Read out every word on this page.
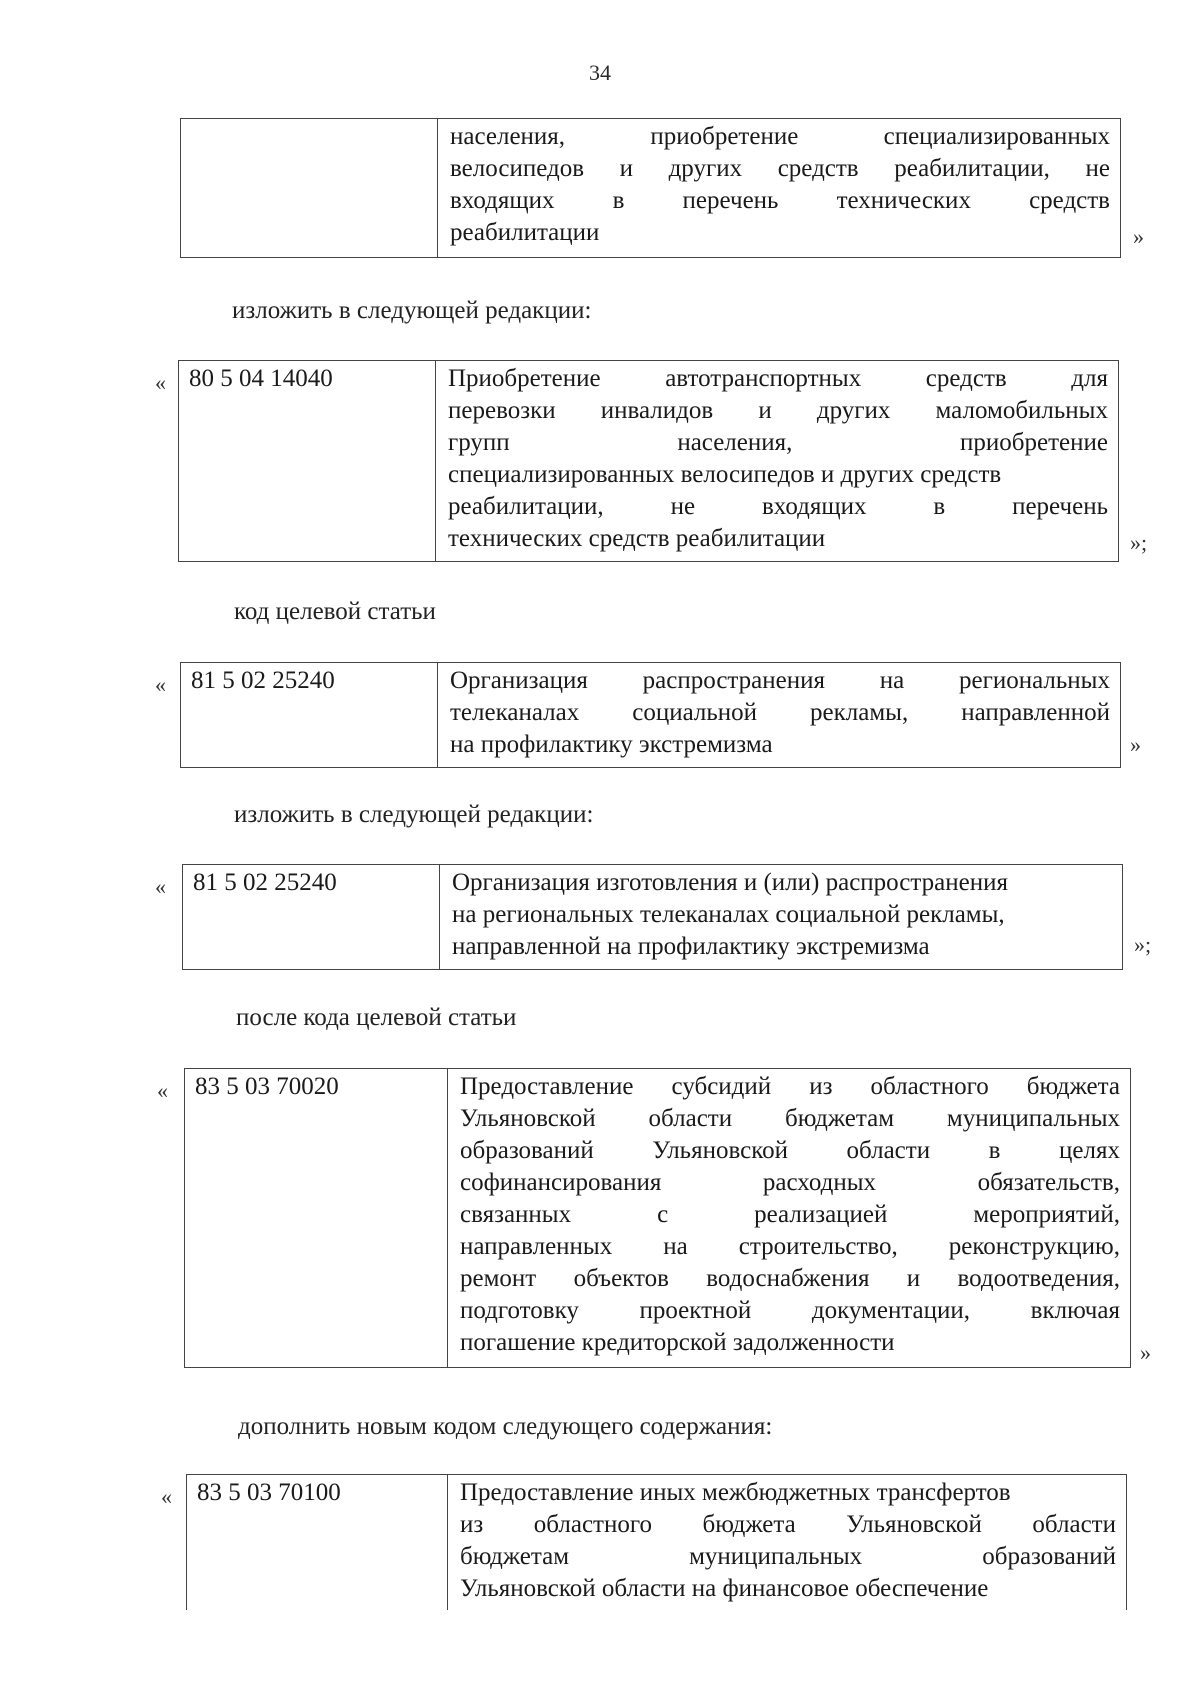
34
населения,	приобретение	специализированных
велосипедов и других средств реабилитации, не
входящих в перечень технических средств
реабилитации	»
изложить в следующей редакции:
« 80 5 04 14040	Приобретение	автотранспортных	средств	для
перевозки инвалидов и других маломобильных
групп	населения,	приобретение
специализированных велосипедов и других средств
реабилитации,	не	входящих	в	перечень
технических средств реабилитации	»;
код целевой статьи
«	81 5 02 25240	Организация распространения на региональных
телеканалах социальной рекламы, направленной
на профилактику экстремизма	»
изложить в следующей редакции:
«	81 5 02 25240	Организация изготовления и (или) распространения
на региональных телеканалах социальной рекламы,
направленной на профилактику экстремизма	»;
после кода целевой статьи
«	83 5 03 70020	Предоставление субсидий из областного бюджета
Ульяновской области бюджетам муниципальных
образований Ульяновской области в целях
софинансирования	расходных	обязательств,
связанных	с	реализацией	мероприятий,
направленных на строительство, реконструкцию,
ремонт объектов водоснабжения и водоотведения,
подготовку проектной документации, включая
погашение кредиторской задолженности	»
дополнить новым кодом следующего содержания:
«	83 5 03 70100	Предоставление иных межбюджетных трансфертов
из областного бюджета Ульяновской области
бюджетам	муниципальных	образований
Ульяновской области на финансовое обеспечение
